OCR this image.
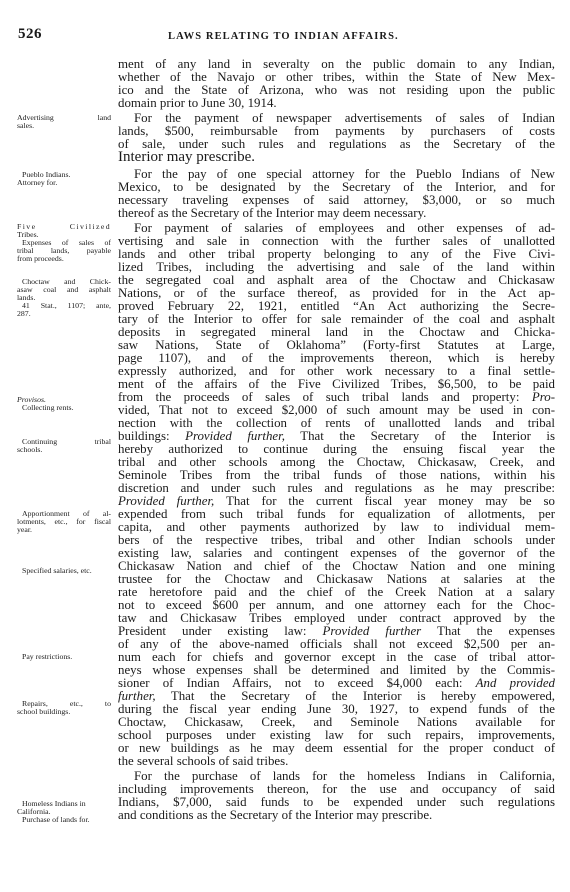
526	LAWS RELATING TO INDIAN AFFAIRS.
ment of any land in severalty on the public domain to any Indian,
whether of the Navajo or other tribes, within the State of New Mex-
ico and the State of Arizona, who was not residing upon the public
domain prior to June 30, 1914.
For the payment of newspaper advertisements of sales of Indian
lands, $500, reimbursable from payments by purchasers of costs
of sale, under such rules and regulations as the Secretary of the
Interior may prescribe.
For the pay of one special attorney for the Pueblo Indians of New
Mexico, to be designated by the Secretary of the Interior, and for
necessary traveling expenses of said attorney, $3,000, or so much
thereof as the Secretary of the Interior may deem necessary.
For payment of salaries of employees and other expenses of ad-
vertising and sale in connection with the further sales of unallotted
lands and other tribal property belonging to any of the Five Civi-
lized Tribes, including the advertising and sale of the land within
the segregated coal and asphalt area of the Choctaw and Chickasaw
Nations, or of the surface thereof, as provided for in the Act ap-
proved February 22, 1921, entitled “An Act authorizing the Secre-
tary of the Interior to offer for sale remainder of the coal and asphalt
deposits in segregated mineral land in the Choctaw and Chicka-
saw Nations, State of Oklahoma” (Forty-first Statutes at Large,
page 1107), and of the improvements thereon, which is hereby
expressly authorized, and for other work necessary to a final settle-
ment of the affairs of the Five Civilized Tribes, $6,500, to be paid
from the proceeds of sales of such tribal lands and property: Pro-
vided, That not to exceed $2,000 of such amount may be used in con-
nection with the collection of rents of unallotted lands and tribal
buildings: Provided further, That the Secretary of the Interior is
hereby authorized to continue during the ensuing fiscal year the
tribal and other schools among the Choctaw, Chickasaw, Creek, and
Seminole Tribes from the tribal funds of those nations, within his
discretion and under such rules and regulations as he may prescribe:
Provided further, That for the current fiscal year money may be so
expended from such tribal funds for equalization of allotments, per
capita, and other payments authorized by law to individual mem-
bers of the respective tribes, tribal and other Indian schools under
existing law, salaries and contingent expenses of the governor of the
Chickasaw Nation and chief of the Choctaw Nation and one mining
trustee for the Choctaw and Chickasaw Nations at salaries at the
rate heretofore paid and the chief of the Creek Nation at a salary
not to exceed $600 per annum, and one attorney each for the Choc-
taw and Chickasaw Tribes employed under contract approved by the
President under existing law: Provided further That the expenses
of any of the above-named officials shall not exceed $2,500 per an-
num each for chiefs and governor except in the case of tribal attor-
neys whose expenses shall be determined and limited by the Commis-
sioner of Indian Affairs, not to exceed $4,000 each: And provided
further, That the Secretary of the Interior is hereby empowered,
during the fiscal year ending June 30, 1927, to expend funds of the
Choctaw, Chickasaw, Creek, and Seminole Nations available for
school purposes under existing law for such repairs, improvements,
or new buildings as he may deem essential for the proper conduct of
the several schools of said tribes.
For the purchase of lands for the homeless Indians in California,
including improvements thereon, for the use and occupancy of said
Indians, $7,000, said funds to be expended under such regulations
and conditions as the Secretary of the Interior may prescribe.
Advertising land
sales.
Pueblo Indians.
Attorney for.
Five Civilized
Tribes.
Expenses of sales of
tribal lands, payable
from proceeds.
Choctaw and Chick-
asaw coal and asphalt
lands.
41 Stat., 1107; ante,
287.
Provisos.
Collecting rents.
Continuing tribal
schools.
Apportionment of al-
lotments, etc., for fiscal
year.
Specified salaries, etc.
Pay restrictions.
Repairs, etc., to
school buildings.
Homeless Indians in
California.
Purchase of lands for.
